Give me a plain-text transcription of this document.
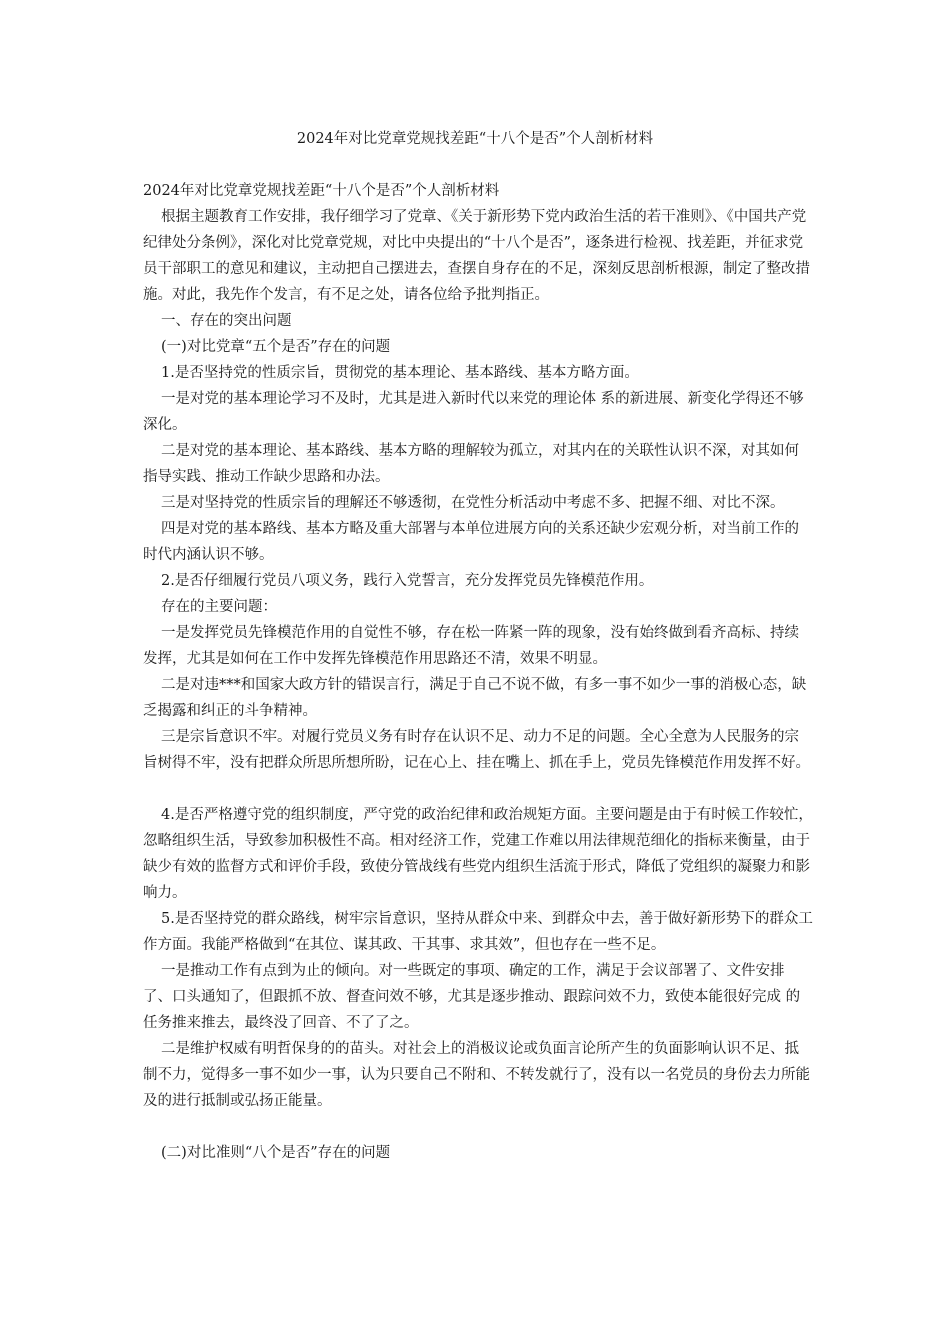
2024年对比党章党规找差距“十八个是否”个人剖析材料

2024年对比党章党规找差距“十八个是否”个人剖析材料

根据主题教育工作安排，我仔细学习了党章、《关于新形势下党内政治生活的若干准则》、《中国共产党纪律处分条例》，深化对比党章党规，对比中央提出的“十八个是否”，逐条进行检视、找差距，并征求党员干部职工的意见和建议，主动把自己摆进去，查摆自身存在的不足，深刻反思剖析根源，制定了整改措施。对此，我先作个发言，有不足之处，请各位给予批判指正。

一、存在的突出问题

(一)对比党章“五个是否”存在的问题

1.是否坚持党的性质宗旨，贯彻党的基本理论、基本路线、基本方略方面。

一是对党的基本理论学习不及时，尤其是进入新时代以来党的理论体 系的新进展、新变化学得还不够深化。

二是对党的基本理论、基本路线、基本方略的理解较为孤立，对其内在的关联性认识不深，对其如何指导实践、推动工作缺少思路和办法。

三是对坚持党的性质宗旨的理解还不够透彻，在党性分析活动中考虑不多、把握不细、对比不深。

四是对党的基本路线、基本方略及重大部署与本单位进展方向的关系还缺少宏观分析，对当前工作的时代内涵认识不够。

2.是否仔细履行党员八项义务，践行入党誓言，充分发挥党员先锋模范作用。

存在的主要问题：

一是发挥党员先锋模范作用的自觉性不够，存在松一阵紧一阵的现象，没有始终做到看齐高标、持续发挥，尤其是如何在工作中发挥先锋模范作用思路还不清，效果不明显。

二是对违***和国家大政方针的错误言行，满足于自己不说不做，有多一事不如少一事的消极心态，缺乏揭露和纠正的斗争精神。

三是宗旨意识不牢。对履行党员义务有时存在认识不足、动力不足的问题。全心全意为人民服务的宗旨树得不牢，没有把群众所思所想所盼，记在心上、挂在嘴上、抓在手上，党员先锋模范作用发挥不好。

4.是否严格遵守党的组织制度，严守党的政治纪律和政治规矩方面。主要问题是由于有时候工作较忙，忽略组织生活，导致参加积极性不高。相对经济工作，党建工作难以用法律规范细化的指标来衡量，由于缺少有效的监督方式和评价手段，致使分管战线有些党内组织生活流于形式，降低了党组织的凝聚力和影响力。

5.是否坚持党的群众路线，树牢宗旨意识，坚持从群众中来、到群众中去，善于做好新形势下的群众工作方面。我能严格做到“在其位、谋其政、干其事、求其效”，但也存在一些不足。

一是推动工作有点到为止的倾向。对一些既定的事项、确定的工作，满足于会议部署了、文件安排了、口头通知了，但跟抓不放、督查问效不够，尤其是逐步推动、跟踪问效不力，致使本能很好完成 的任务推来推去，最终没了回音、不了了之。

二是维护权威有明哲保身的的苗头。对社会上的消极议论或负面言论所产生的负面影响认识不足、抵制不力，觉得多一事不如少一事，认为只要自己不附和、不转发就行了，没有以一名党员的身份去力所能及的进行抵制或弘扬正能量。

(二)对比准则“八个是否”存在的问题
